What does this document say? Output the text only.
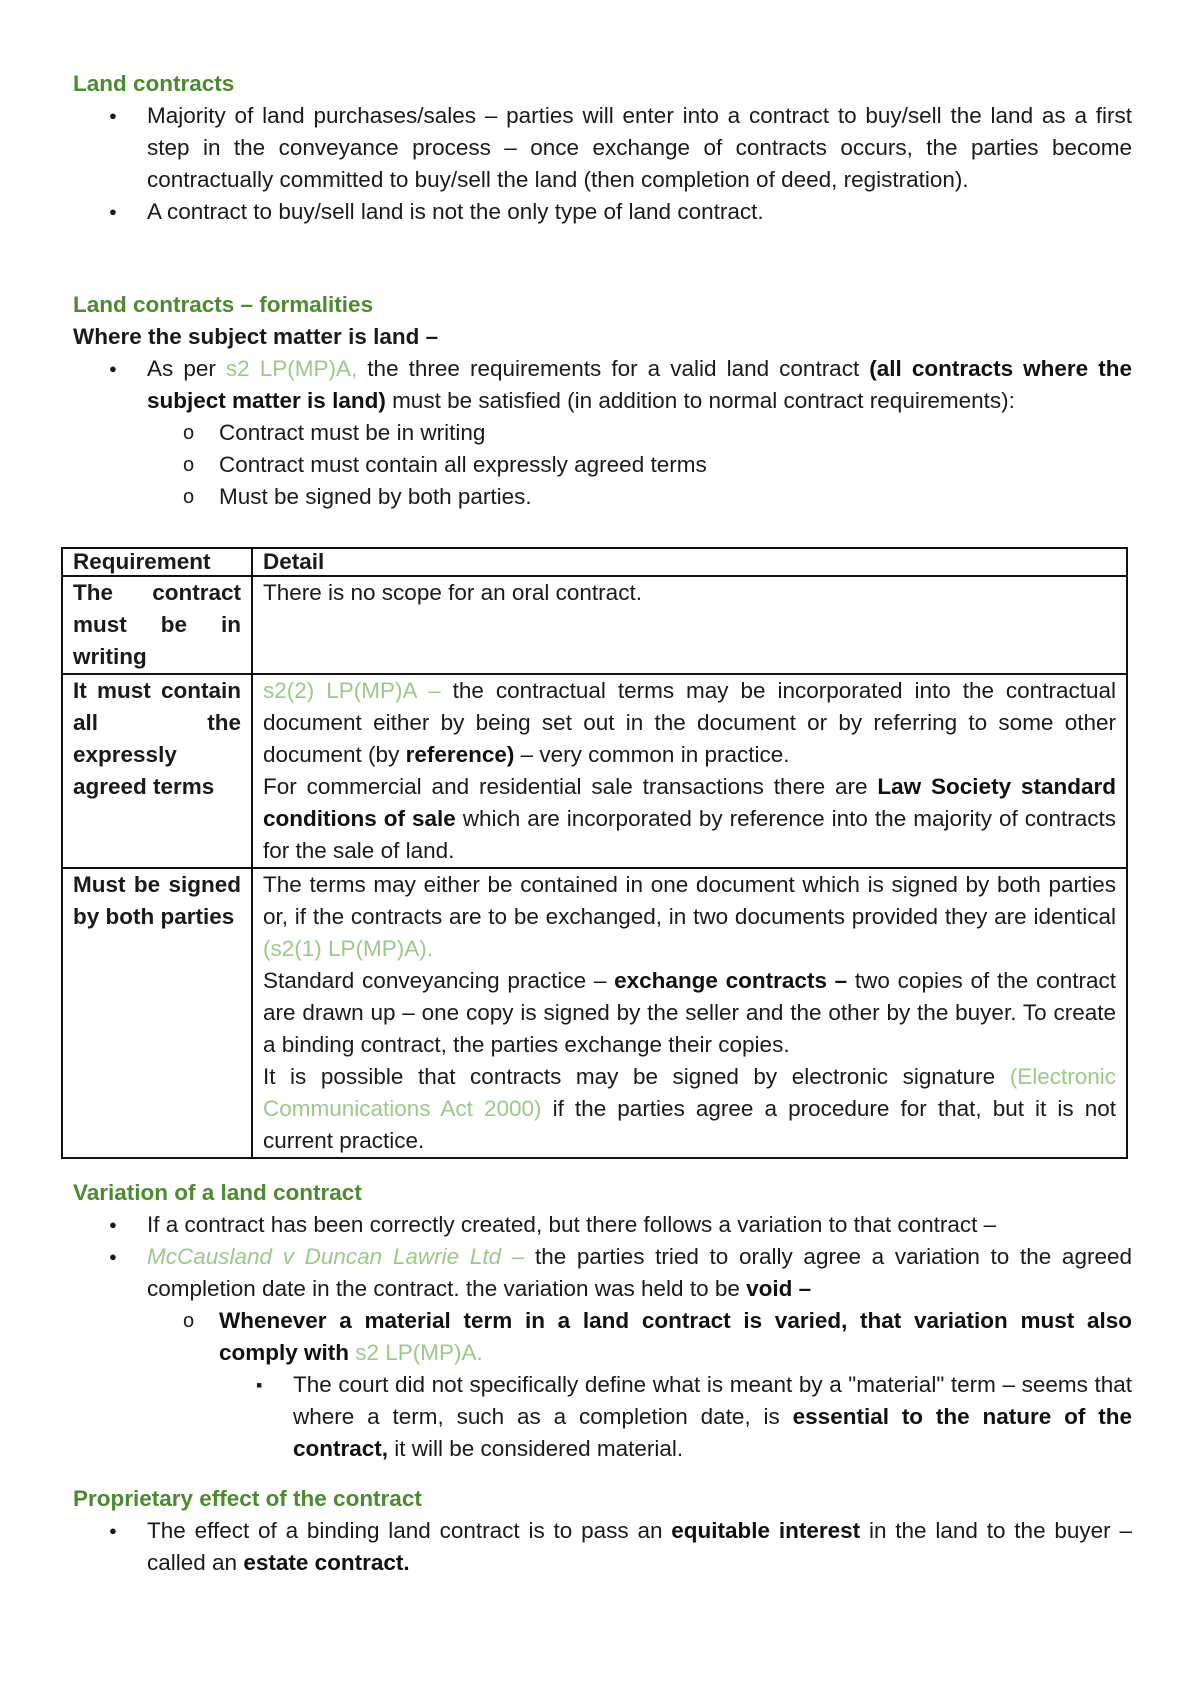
Land contracts

● Majority of land purchases/sales – parties will enter into a contract to buy/sell the land as a first step in the conveyance process – once exchange of contracts occurs, the parties become contractually committed to buy/sell the land (then completion of deed, registration).
● A contract to buy/sell land is not the only type of land contract.

Land contracts – formalities

Where the subject matter is land –

● As per s2 LP(MP)A, the three requirements for a valid land contract (all contracts where the subject matter is land) must be satisfied (in addition to normal contract requirements):
o Contract must be in writing
o Contract must contain all expressly agreed terms
o Must be signed by both parties.
Requirement	Detail
The contract must be in writing	There is no scope for an oral contract.
It must contain all the expressly agreed terms	s2(2) LP(MP)A – the contractual terms may be incorporated into the contractual document either by being set out in the document or by referring to some other document (by reference) – very common in practice.
For commercial and residential sale transactions there are Law Society standard conditions of sale which are incorporated by reference into the majority of contracts for the sale of land.

Must be signed by both parties	The terms may either be contained in one document which is signed by both parties or, if the contracts are to be exchanged, in two documents provided they are identical (s2(1) LP(MP)A).
Standard conveyancing practice – exchange contracts – two copies of the contract are drawn up – one copy is signed by the seller and the other by the buyer. To create a binding contract, the parties exchange their copies.
It is possible that contracts may be signed by electronic signature (Electronic Communications Act 2000) if the parties agree a procedure for that, but it is not current practice.

Variation of a land contract

● If a contract has been correctly created, but there follows a variation to that contract –
● McCausland v Duncan Lawrie Ltd – the parties tried to orally agree a variation to the agreed completion date in the contract. the variation was held to be void –
o Whenever a material term in a land contract is varied, that variation must also comply with s2 LP(MP)A.
▪ The court did not specifically define what is meant by a "material" term – seems that where a term, such as a completion date, is essential to the nature of the contract, it will be considered material.

Proprietary effect of the contract

● The effect of a binding land contract is to pass an equitable interest in the land to the buyer – called an estate contract.
